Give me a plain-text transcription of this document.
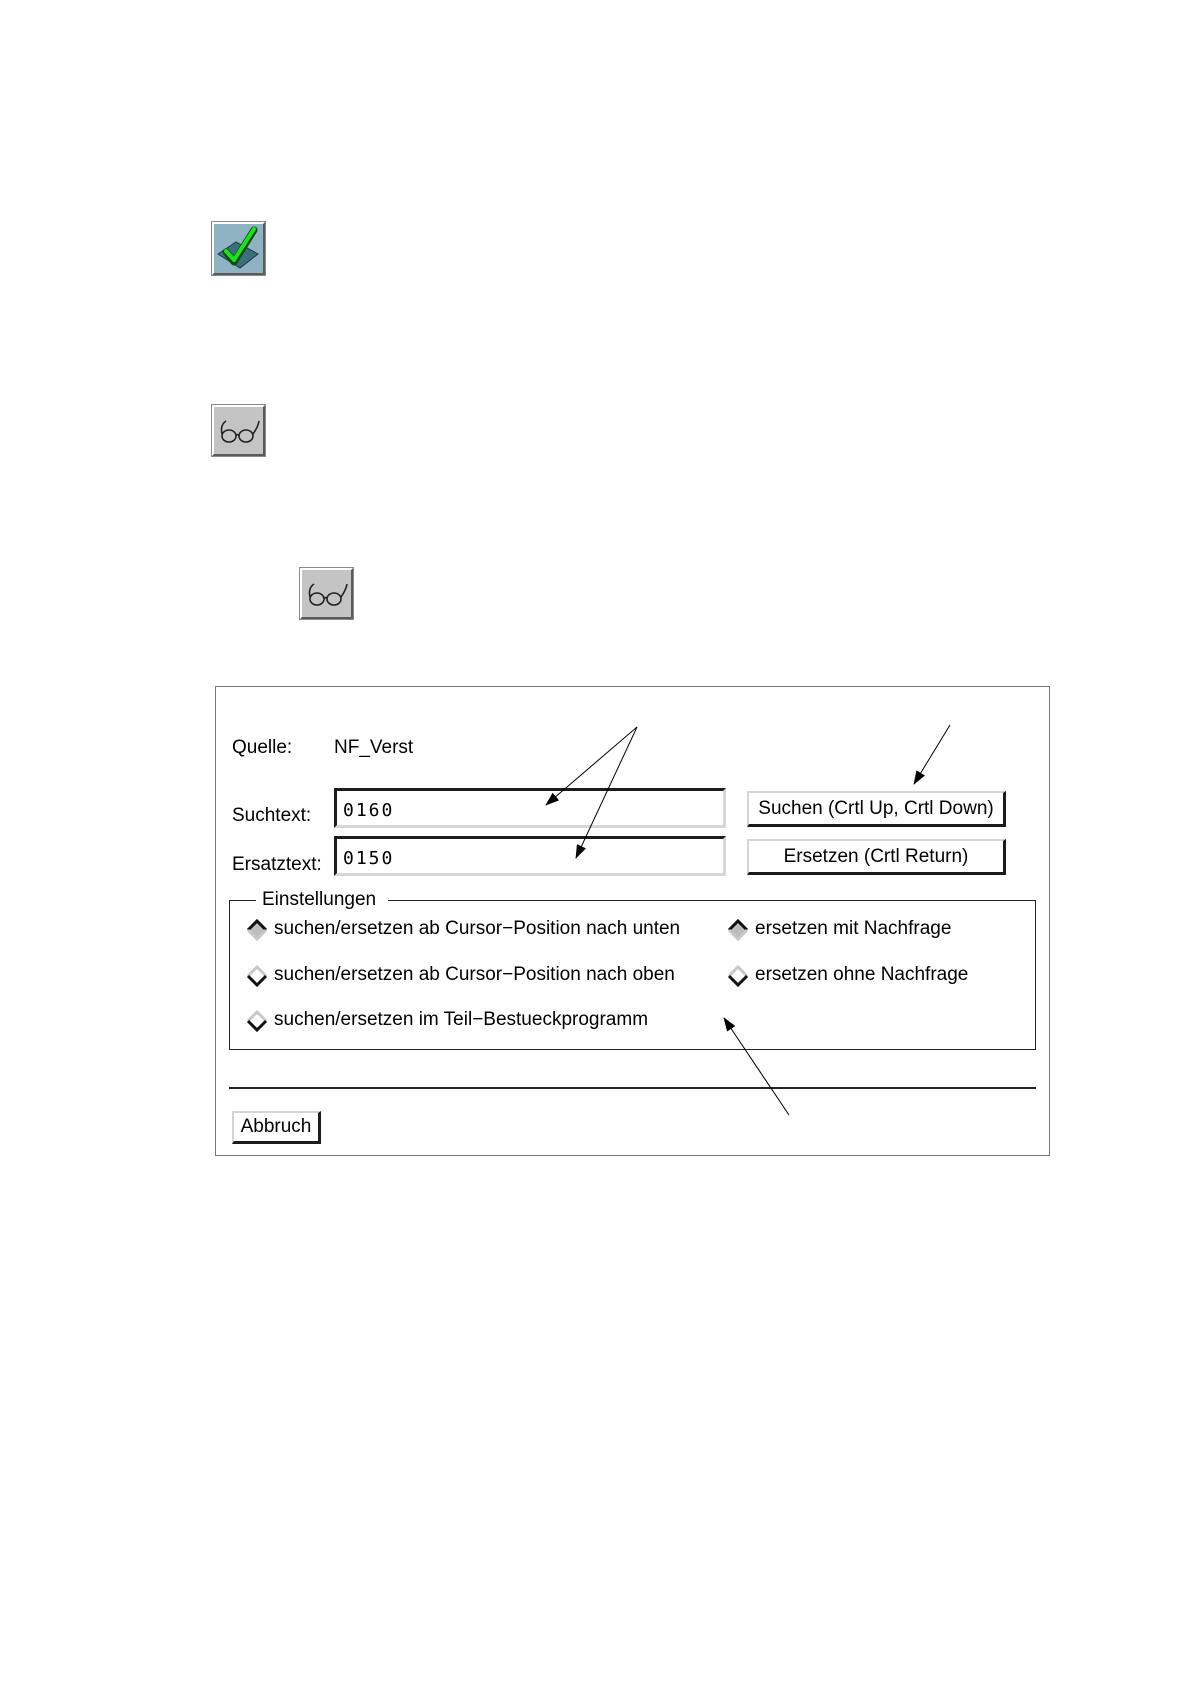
Quelle: NF_Verst
Suchtext:
0160
Ersatztext:
0150
Suchen (Crtl Up, Crtl Down)
Ersetzen (Crtl Return)
Einstellungen
suchen/ersetzen ab Cursor−Position nach unten
suchen/ersetzen ab Cursor−Position nach oben
suchen/ersetzen im Teil−Bestueckprogramm
ersetzen mit Nachfrage
ersetzen ohne Nachfrage
Abbruch
